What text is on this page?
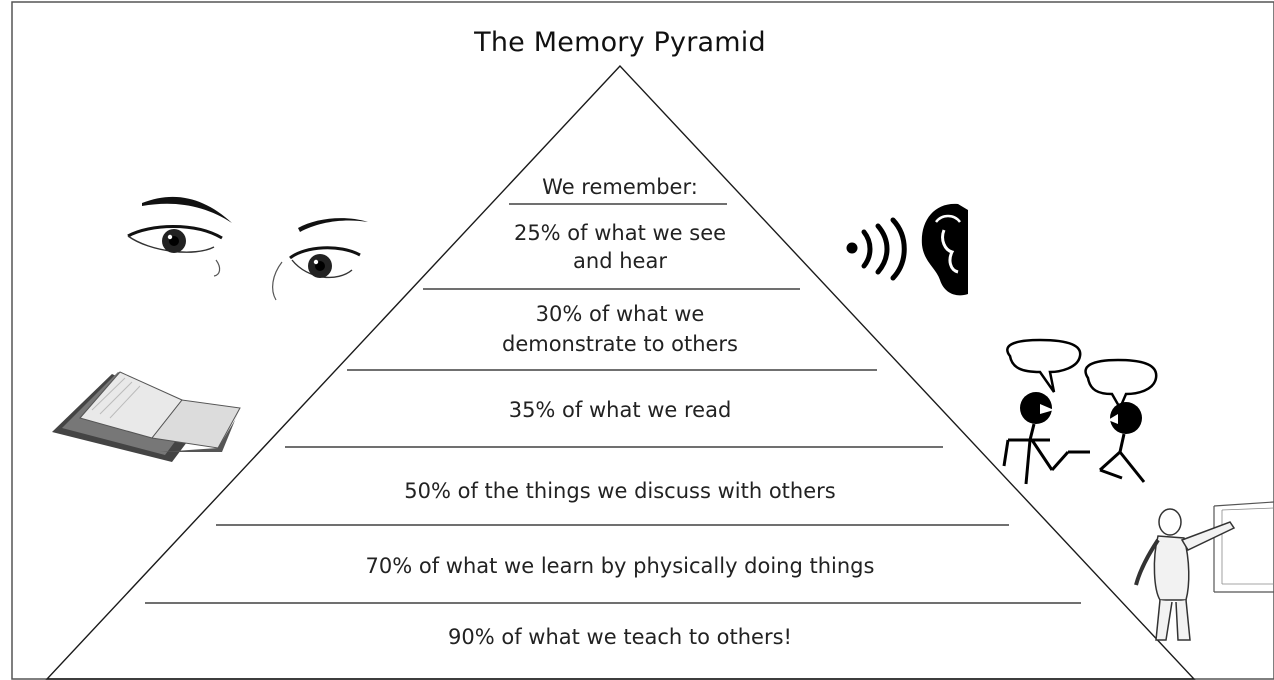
The Memory Pyramid
We remember:
25% of what we see
and hear
30% of what we
demonstrate to others
35% of what we read
50% of the things we discuss with others
70% of what we learn by physically doing things
90% of what we teach to others!
